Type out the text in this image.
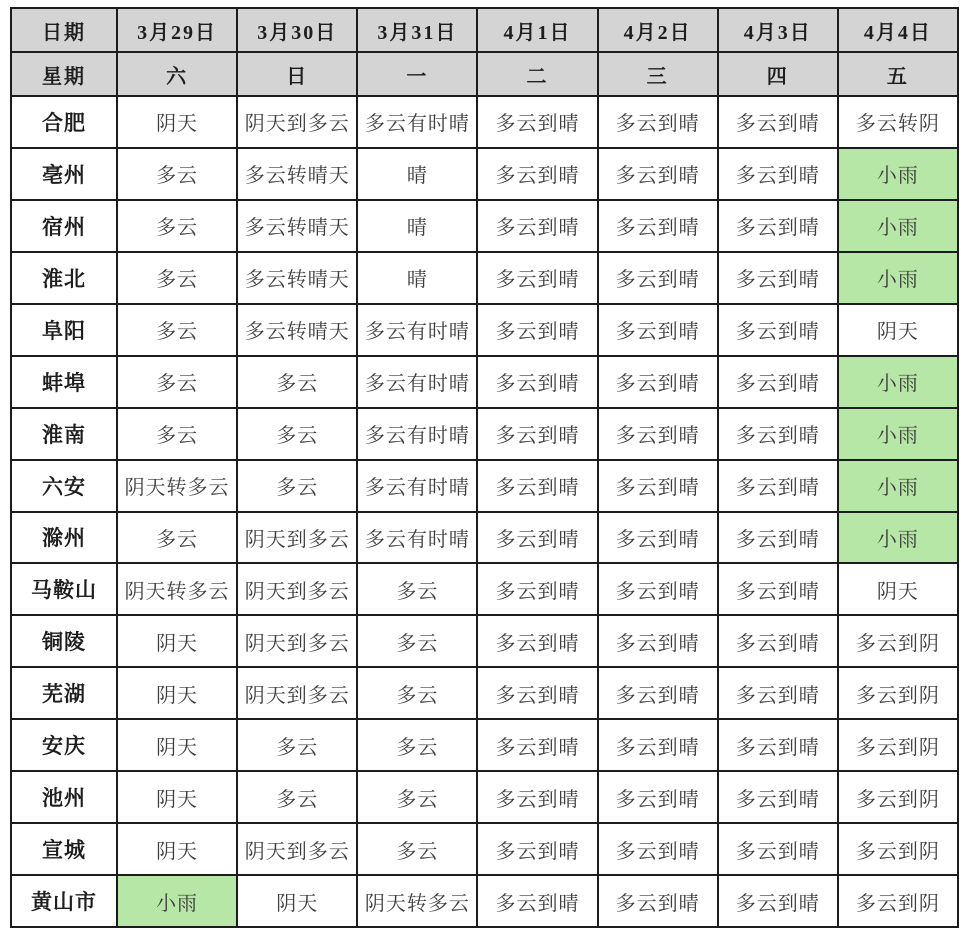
日期	3月29日	3月30日	3月31日	4月1日	4月2日	4月3日	4月4日
星期	六	日	一	二	三	四	五
合肥	阴天	阴天到多云	多云有时晴	多云到晴	多云到晴	多云到晴	多云转阴
亳州	多云	多云转晴天	晴	多云到晴	多云到晴	多云到晴	小雨
宿州	多云	多云转晴天	晴	多云到晴	多云到晴	多云到晴	小雨
淮北	多云	多云转晴天	晴	多云到晴	多云到晴	多云到晴	小雨
阜阳	多云	多云转晴天	多云有时晴	多云到晴	多云到晴	多云到晴	阴天
蚌埠	多云	多云	多云有时晴	多云到晴	多云到晴	多云到晴	小雨
淮南	多云	多云	多云有时晴	多云到晴	多云到晴	多云到晴	小雨
六安	阴天转多云	多云	多云有时晴	多云到晴	多云到晴	多云到晴	小雨
滁州	多云	阴天到多云	多云有时晴	多云到晴	多云到晴	多云到晴	小雨
马鞍山	阴天转多云	阴天到多云	多云	多云到晴	多云到晴	多云到晴	阴天
铜陵	阴天	阴天到多云	多云	多云到晴	多云到晴	多云到晴	多云到阴
芜湖	阴天	阴天到多云	多云	多云到晴	多云到晴	多云到晴	多云到阴
安庆	阴天	多云	多云	多云到晴	多云到晴	多云到晴	多云到阴
池州	阴天	多云	多云	多云到晴	多云到晴	多云到晴	多云到阴
宣城	阴天	阴天到多云	多云	多云到晴	多云到晴	多云到晴	多云到阴
黄山市	小雨	阴天	阴天转多云	多云到晴	多云到晴	多云到晴	多云到阴
